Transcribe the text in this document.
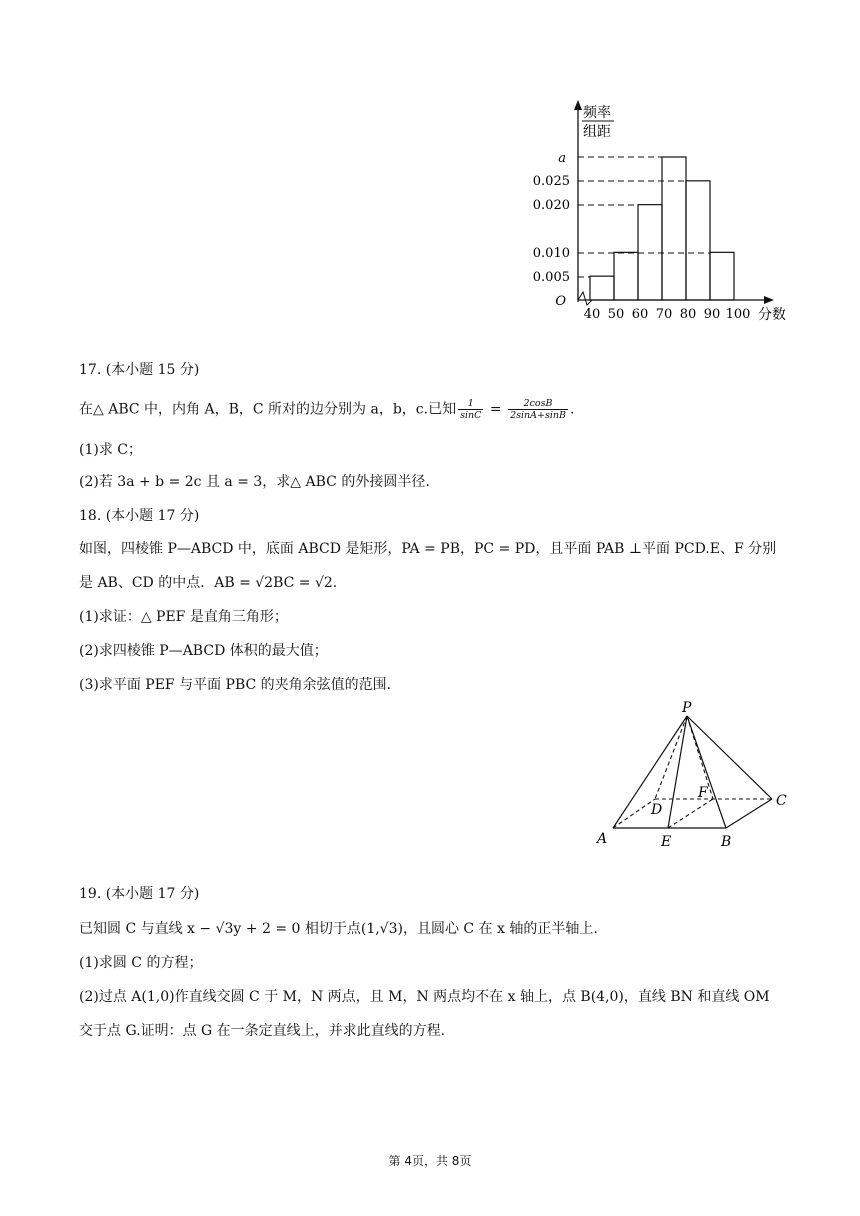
频率
组距
a
0.025
0.020
0.010
0.005
O
40 50 60 70 80 90 100 分数
17. (本小题 15 分)
在△ ABC 中，内角 A，B，C 所对的边分别为 a，b，c.已知 $\frac{1}{\sin C} = \frac{2\cos B}{2\sin A+\sin B}$ .
(1)求 C；
(2)若 3a + b = 2c 且 a = 3，求△ ABC 的外接圆半径.
18. (本小题 17 分)
如图，四棱锥 P—ABCD 中，底面 ABCD 是矩形，PA = PB，PC = PD，且平面 PAB ⊥平面 PCD.E、F 分别
是 AB、CD 的中点．AB = √2BC = √2.
(1)求证：△ PEF 是直角三角形；
(2)求四棱锥 P—ABCD 体积的最大值；
(3)求平面 PEF 与平面 PBC 的夹角余弦值的范围.
P
A	B
C
D
E
F
19. (本小题 17 分)
已知圆 C 与直线 x − √3y + 2 = 0 相切于点(1,√3)，且圆心 C 在 x 轴的正半轴上.
(1)求圆 C 的方程；
(2)过点 A(1,0)作直线交圆 C 于 M，N 两点，且 M，N 两点均不在 x 轴上，点 B(4,0)，直线 BN 和直线 OM
交于点 G.证明：点 G 在一条定直线上，并求此直线的方程.
第 4页，共 8页
